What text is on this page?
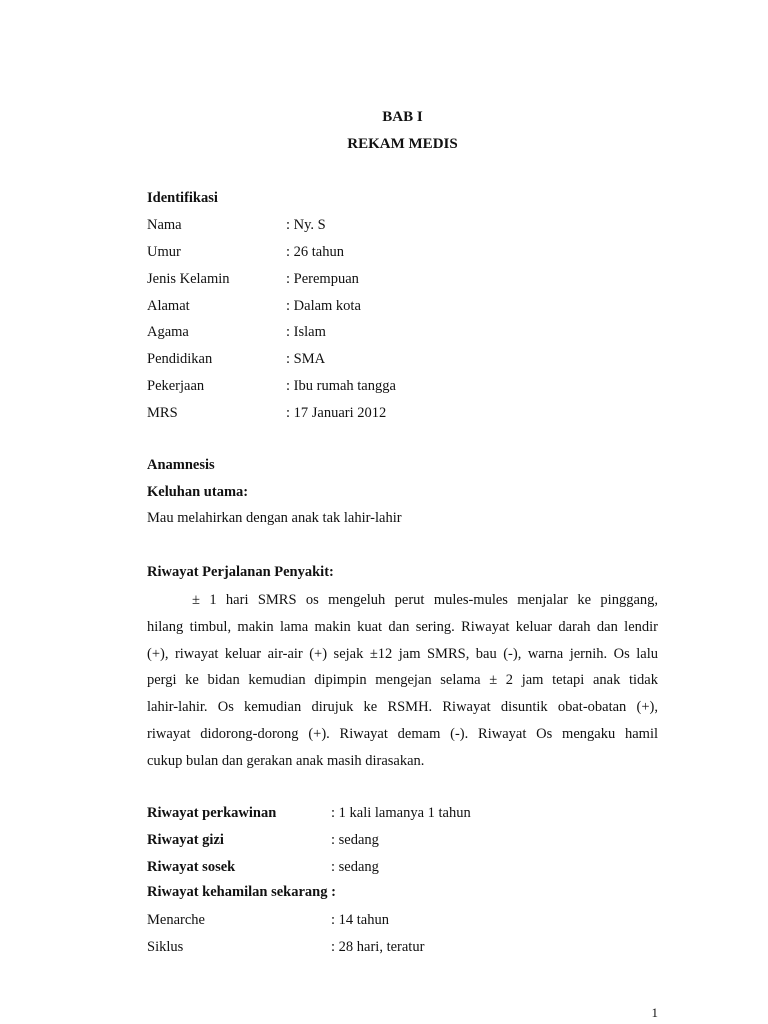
BAB I
REKAM MEDIS
Identifikasi
Nama	: Ny. S
Umur	: 26 tahun
Jenis Kelamin	: Perempuan
Alamat	: Dalam kota
Agama	: Islam
Pendidikan	: SMA
Pekerjaan	: Ibu rumah tangga
MRS	: 17 Januari 2012
Anamnesis
Keluhan utama:
Mau melahirkan dengan anak tak lahir-lahir
Riwayat Perjalanan Penyakit:
± 1 hari SMRS os mengeluh perut mules-mules menjalar ke pinggang,
hilang timbul, makin lama makin kuat dan sering. Riwayat keluar darah dan lendir
(+), riwayat keluar air-air (+) sejak ±12 jam SMRS, bau (-), warna jernih. Os lalu
pergi ke bidan kemudian dipimpin mengejan selama ± 2 jam tetapi anak tidak
lahir-lahir. Os kemudian dirujuk ke RSMH. Riwayat disuntik obat-obatan (+),
riwayat didorong-dorong (+). Riwayat demam (-). Riwayat Os mengaku hamil
cukup bulan dan gerakan anak masih dirasakan.
Riwayat perkawinan	: 1 kali lamanya 1 tahun
Riwayat gizi	: sedang
Riwayat sosek	: sedang
Riwayat kehamilan sekarang :
Menarche	: 14 tahun
Siklus	: 28 hari, teratur
1
